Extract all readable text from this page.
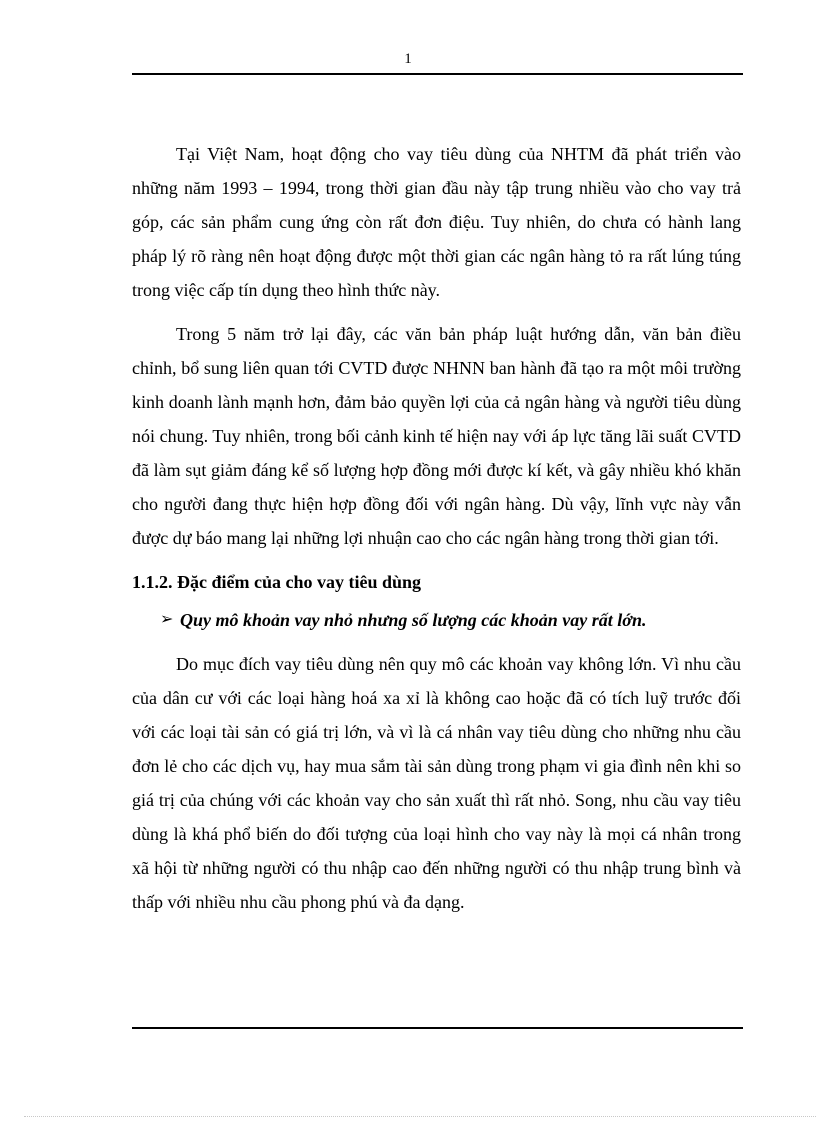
1

Tại Việt Nam, hoạt động cho vay tiêu dùng của NHTM đã phát triển vào những năm 1993 – 1994, trong thời gian đầu này tập trung nhiều vào cho vay trả góp, các sản phẩm cung ứng còn rất đơn điệu. Tuy nhiên, do chưa có hành lang pháp lý rõ ràng nên hoạt động được một thời gian các ngân hàng tỏ ra rất lúng túng trong việc cấp tín dụng theo hình thức này.

Trong 5 năm trở lại đây, các văn bản pháp luật hướng dẫn, văn bản điều chỉnh, bổ sung liên quan tới CVTD được NHNN ban hành đã tạo ra một môi trường kinh doanh lành mạnh hơn, đảm bảo quyền lợi của cả ngân hàng và người tiêu dùng nói chung. Tuy nhiên, trong bối cảnh kinh tế hiện nay với áp lực tăng lãi suất CVTD đã làm sụt giảm đáng kể số lượng hợp đồng mới được kí kết, và gây nhiều khó khăn cho người đang thực hiện hợp đồng đối với ngân hàng. Dù vậy, lĩnh vực này vẫn được dự báo mang lại những lợi nhuận cao cho các ngân hàng trong thời gian tới.

1.1.2. Đặc điểm của cho vay tiêu dùng
➢ Quy mô khoản vay nhỏ nhưng số lượng các khoản vay rất lớn.

Do mục đích vay tiêu dùng nên quy mô các khoản vay không lớn. Vì nhu cầu của dân cư với các loại hàng hoá xa xỉ là không cao hoặc đã có tích luỹ trước đối với các loại tài sản có giá trị lớn, và vì là cá nhân vay tiêu dùng cho những nhu cầu đơn lẻ cho các dịch vụ, hay mua sắm tài sản dùng trong phạm vi gia đình nên khi so giá trị của chúng với các khoản vay cho sản xuất thì rất nhỏ. Song, nhu cầu vay tiêu dùng là khá phổ biến do đối tượng của loại hình cho vay này là mọi cá nhân trong xã hội từ những người có thu nhập cao đến những người có thu nhập trung bình và thấp với nhiều nhu cầu phong phú và đa dạng.
